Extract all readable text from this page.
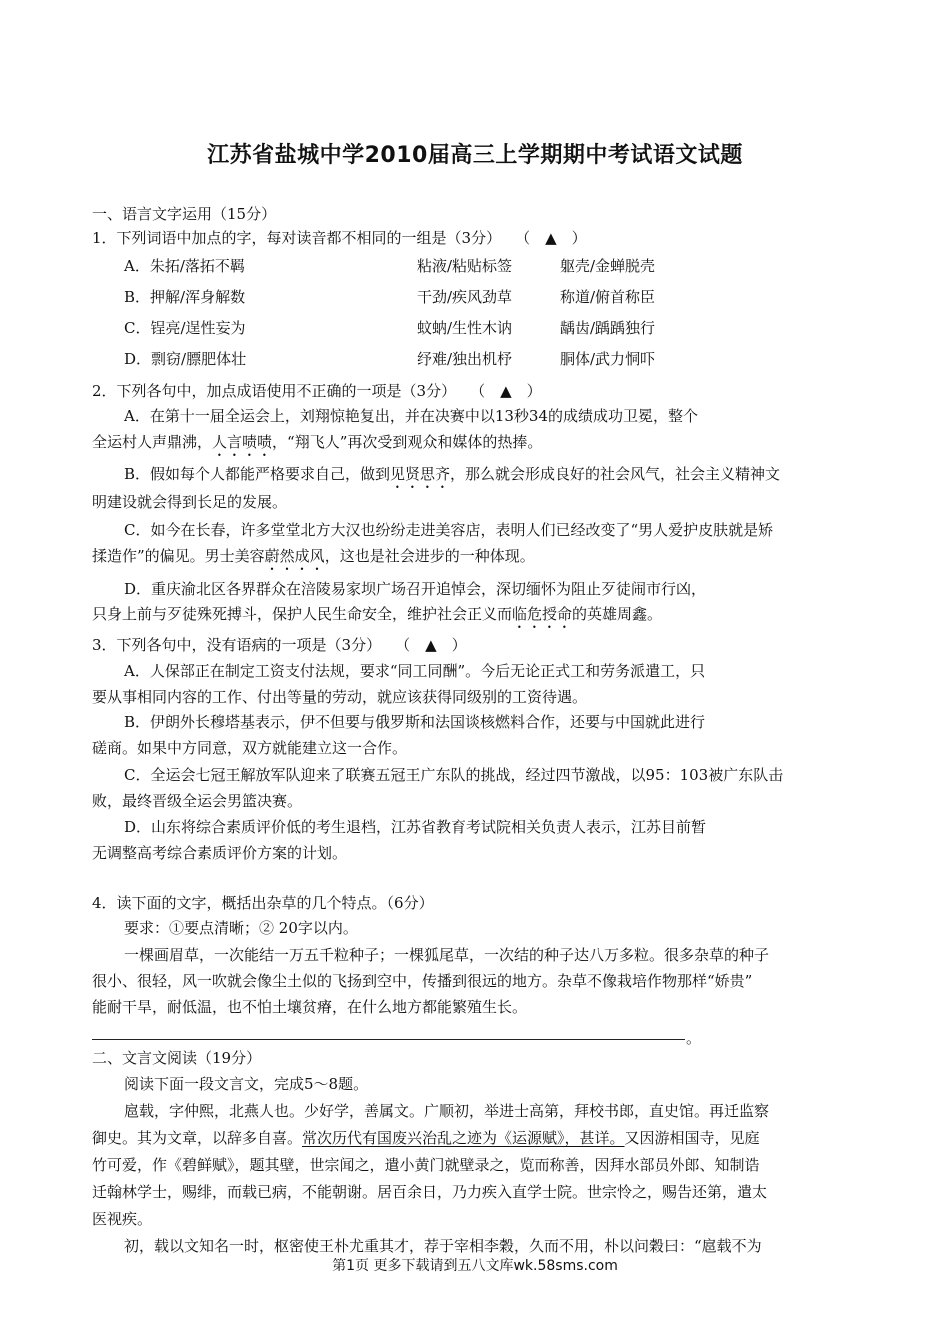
江苏省盐城中学2010届高三上学期期中考试语文试题
一、语言文字运用（15分）
1．下列词语中加点的字，每对读音都不相同的一组是（3分） （　▲　）
A．朱拓/落拓不羁	粘液/粘贴标签	躯壳/金蝉脱壳
B．押解/浑身解数	干劲/疾风劲草	称道/俯首称臣
C．锃亮/逞性妄为	蚊蚋/生性木讷	龋齿/踽踽独行
D．剽窃/膘肥体壮	纾难/独出机杼	胴体/武力恫吓
2．下列各句中，加点成语使用不正确的一项是（3分） （　▲　）
A．在第十一届全运会上，刘翔惊艳复出，并在决赛中以13秒34的成绩成功卫冕，整个
全运村人声鼎沸，人言啧啧，“翔飞人”再次受到观众和媒体的热捧。
B．假如每个人都能严格要求自己，做到见贤思齐，那么就会形成良好的社会风气，社会主义精神文
明建设就会得到长足的发展。
C．如今在长春，许多堂堂北方大汉也纷纷走进美容店，表明人们已经改变了“男人爱护皮肤就是矫
揉造作”的偏见。男士美容蔚然成风，这也是社会进步的一种体现。
D．重庆渝北区各界群众在涪陵易家坝广场召开追悼会，深切缅怀为阻止歹徒闹市行凶，
只身上前与歹徒殊死搏斗，保护人民生命安全，维护社会正义而临危授命的英雄周鑫。
3．下列各句中，没有语病的一项是（3分） （　▲　）
A．人保部正在制定工资支付法规，要求“同工同酬”。今后无论正式工和劳务派遣工，只
要从事相同内容的工作、付出等量的劳动，就应该获得同级别的工资待遇。
B．伊朗外长穆塔基表示，伊不但要与俄罗斯和法国谈核燃料合作，还要与中国就此进行
磋商。如果中方同意，双方就能建立这一合作。
C．全运会七冠王解放军队迎来了联赛五冠王广东队的挑战，经过四节激战，以95：103被广东队击
败，最终晋级全运会男篮决赛。
D．山东将综合素质评价低的考生退档，江苏省教育考试院相关负责人表示，江苏目前暂
无调整高考综合素质评价方案的计划。
4．读下面的文字，概括出杂草的几个特点。（6分）
要求：①要点清晰；② 20字以内。
一棵画眉草，一次能结一万五千粒种子；一棵狐尾草，一次结的种子达八万多粒。很多杂草的种子
很小、很轻，风一吹就会像尘土似的飞扬到空中，传播到很远的地方。杂草不像栽培作物那样“娇贵”
能耐干旱，耐低温，也不怕土壤贫瘠，在什么地方都能繁殖生长。
。
二、文言文阅读（19分）
阅读下面一段文言文，完成5～8题。
扈载，字仲熙，北燕人也。少好学，善属文。广顺初，举进士高第，拜校书郎，直史馆。再迁监察
御史。其为文章，以辞多自喜。常次历代有国废兴治乱之迹为《运源赋》，甚详。又因游相国寺，见庭
竹可爱，作《碧鲜赋》，题其壁，世宗闻之，遣小黄门就壁录之，览而称善，因拜水部员外郎、知制诰
迁翰林学士，赐绯，而载已病，不能朝谢。居百余日，乃力疾入直学士院。世宗怜之，赐告还第，遣太
医视疾。
初，载以文知名一时，枢密使王朴尤重其才，荐于宰相李穀，久而不用，朴以问穀曰：“扈载不为
第1页 更多下载请到五八文库wk.58sms.com
